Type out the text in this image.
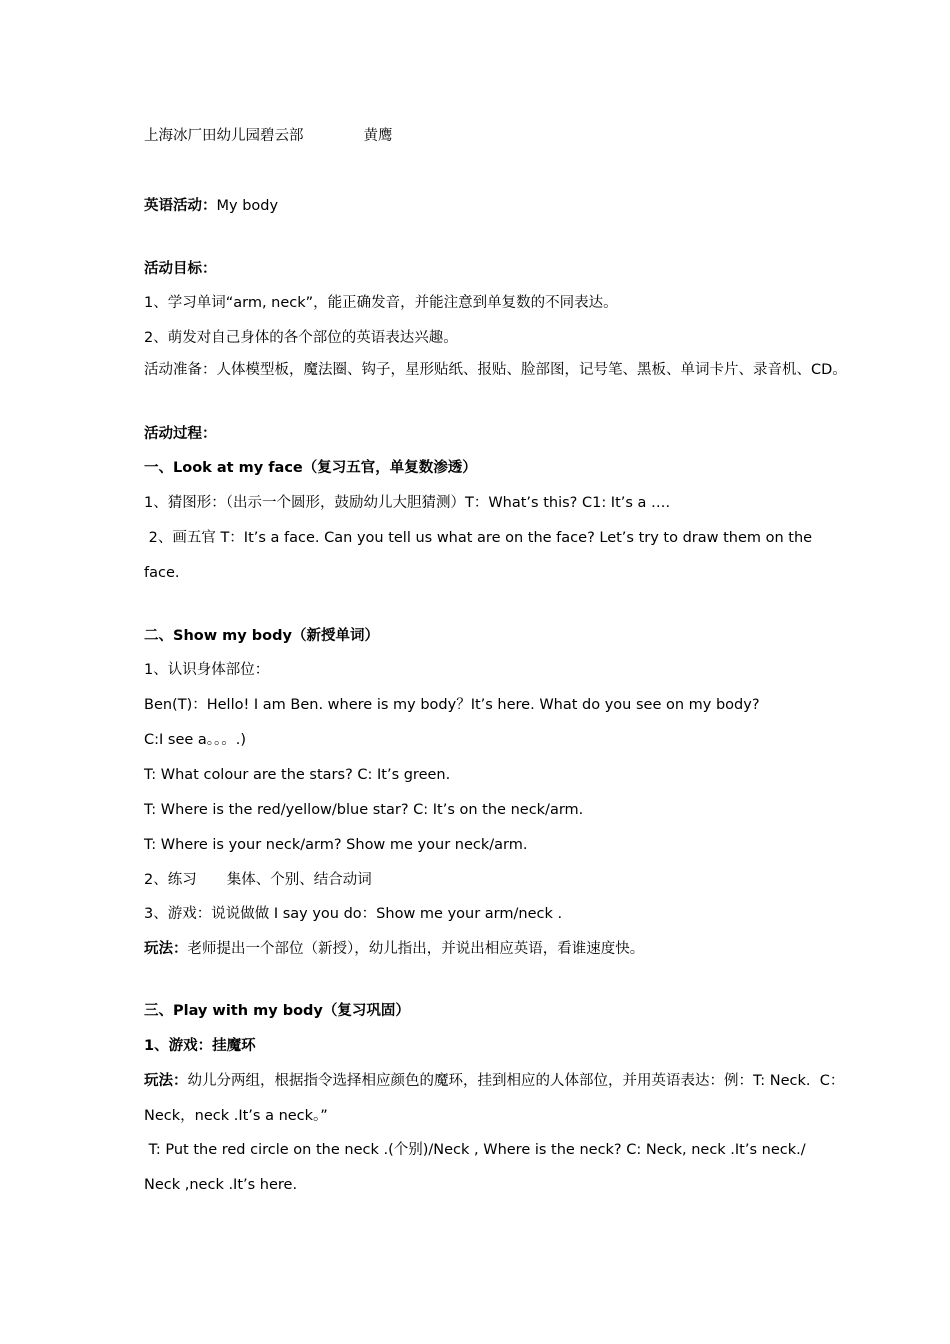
上海冰厂田幼儿园碧云部	黄鹰
英语活动：My body
活动目标：
1、学习单词“arm, neck”，能正确发音，并能注意到单复数的不同表达。
2、萌发对自己身体的各个部位的英语表达兴趣。
活动准备：人体模型板，魔法圈、钩子，星形贴纸、报贴、脸部图，记号笔、黑板、单词卡片、录音机、CD。
活动过程：
一、Look at my face（复习五官，单复数渗透）
1、猜图形：（出示一个圆形，鼓励幼儿大胆猜测）T：What’s this? C1: It’s a ….
2、画五官 T：It’s a face. Can you tell us what are on the face? Let’s try to draw them on the
face.
二、Show my body（新授单词）
1、认识身体部位：
Ben(T)：Hello! I am Ben. where is my body？It’s here. What do you see on my body?
C:I see a。。。.)
T: What colour are the stars? C: It’s green.
T: Where is the red/yellow/blue star? C: It’s on the neck/arm.
T: Where is your neck/arm? Show me your neck/arm.
2、练习 集体、个别、结合动词
3、游戏：说说做做 I say you do：Show me your arm/neck .
玩法：老师提出一个部位（新授），幼儿指出，并说出相应英语，看谁速度快。
三、Play with my body（复习巩固）
1、游戏：挂魔环
玩法：幼儿分两组，根据指令选择相应颜色的魔环，挂到相应的人体部位，并用英语表达：例：T: Neck.  C：
Neck，neck .It’s a neck。”
T: Put the red circle on the neck .(个别)/Neck , Where is the neck? C: Neck, neck .It’s neck./
Neck ,neck .It’s here.
